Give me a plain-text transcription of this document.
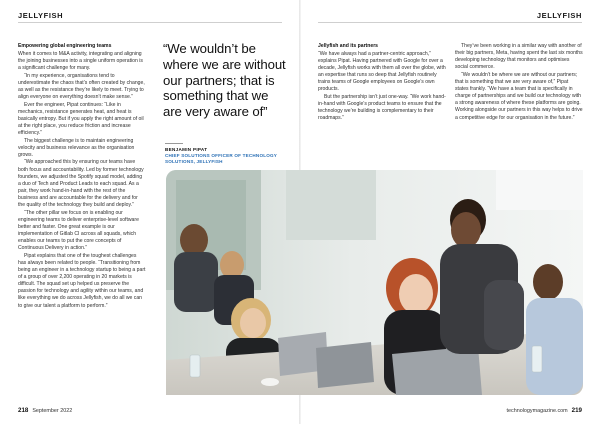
JELLYFISH	JELLYFISH

Empowering global engineering teams

When it comes to M&A activity, integrating and aligning the joining businesses into a single uniform operation is a significant challenge for many.

“In my experience, organisations tend to underestimate the chaos that’s often created by change, as well as the resistance they’re likely to meet. Trying to align everyone on everything doesn’t make sense.”

Ever the engineer, Pipat continues: “Like in mechanics, resistance generates heat, and heat is basically entropy. But if you apply the right amount of oil at the right place, you reduce friction and increase efficiency.”

The biggest challenge is to maintain engineering velocity and business relevance as the organisation grows.

“We approached this by ensuring our teams have both focus and accountability. Led by former technology founders, we adjusted the Spotify squad model, adding a duo of Tech and Product Leads to each squad. As a pair, they work hand-in-hand with the rest of the business and are accountable for the delivery and for the quality of the technology they build and deploy.”

“The other pillar we focus on is enabling our engineering teams to deliver enterprise-level software better and faster. One great example is our implementation of Gitlab CI across all squads, which enables our teams to put the core concepts of Continuous Delivery in action.”

Pipat explains that one of the toughest challenges has always been related to people. “Transitioning from being an engineer in a technology startup to being a part of a group of over 2,200 operating in 20 markets is difficult. The squad set up helped us preserve the passion for technology and agility within our teams, and like everything we do across Jellyfish, we do all we can to give our talent a platform to perform.”

“We wouldn’t be where we are without our partners; that is something that we are very aware of”
BENJAMIN PIPAT
CHIEF SOLUTIONS OFFICER OF TECHNOLOGY SOLUTIONS, JELLYFISH

Jellyfish and its partners

“We have always had a partner-centric approach,” explains Pipat. Having partnered with Google for over a decade, Jellyfish works with them all over the globe, with an expertise that runs so deep that Jellyfish routinely trains teams of Google employees on Google’s own products.

But the partnership isn’t just one-way. “We work hand-in-hand with Google’s product teams to ensure that the technology we’re building is complementary to their roadmaps.”

They’ve been working in a similar way with another of their big partners, Meta, having spent the last six months developing technology that monitors and optimises social commerce.

“We wouldn’t be where we are without our partners; that is something that we are very aware of,” Pipat states frankly. “We have a team that is specifically in charge of partnerships and we build our technology with a strong awareness of where these platforms are going. Working alongside our partners in this way helps to drive a competitive edge for our organisation in the future.”

218 September 2022	technologymagazine.com 219
